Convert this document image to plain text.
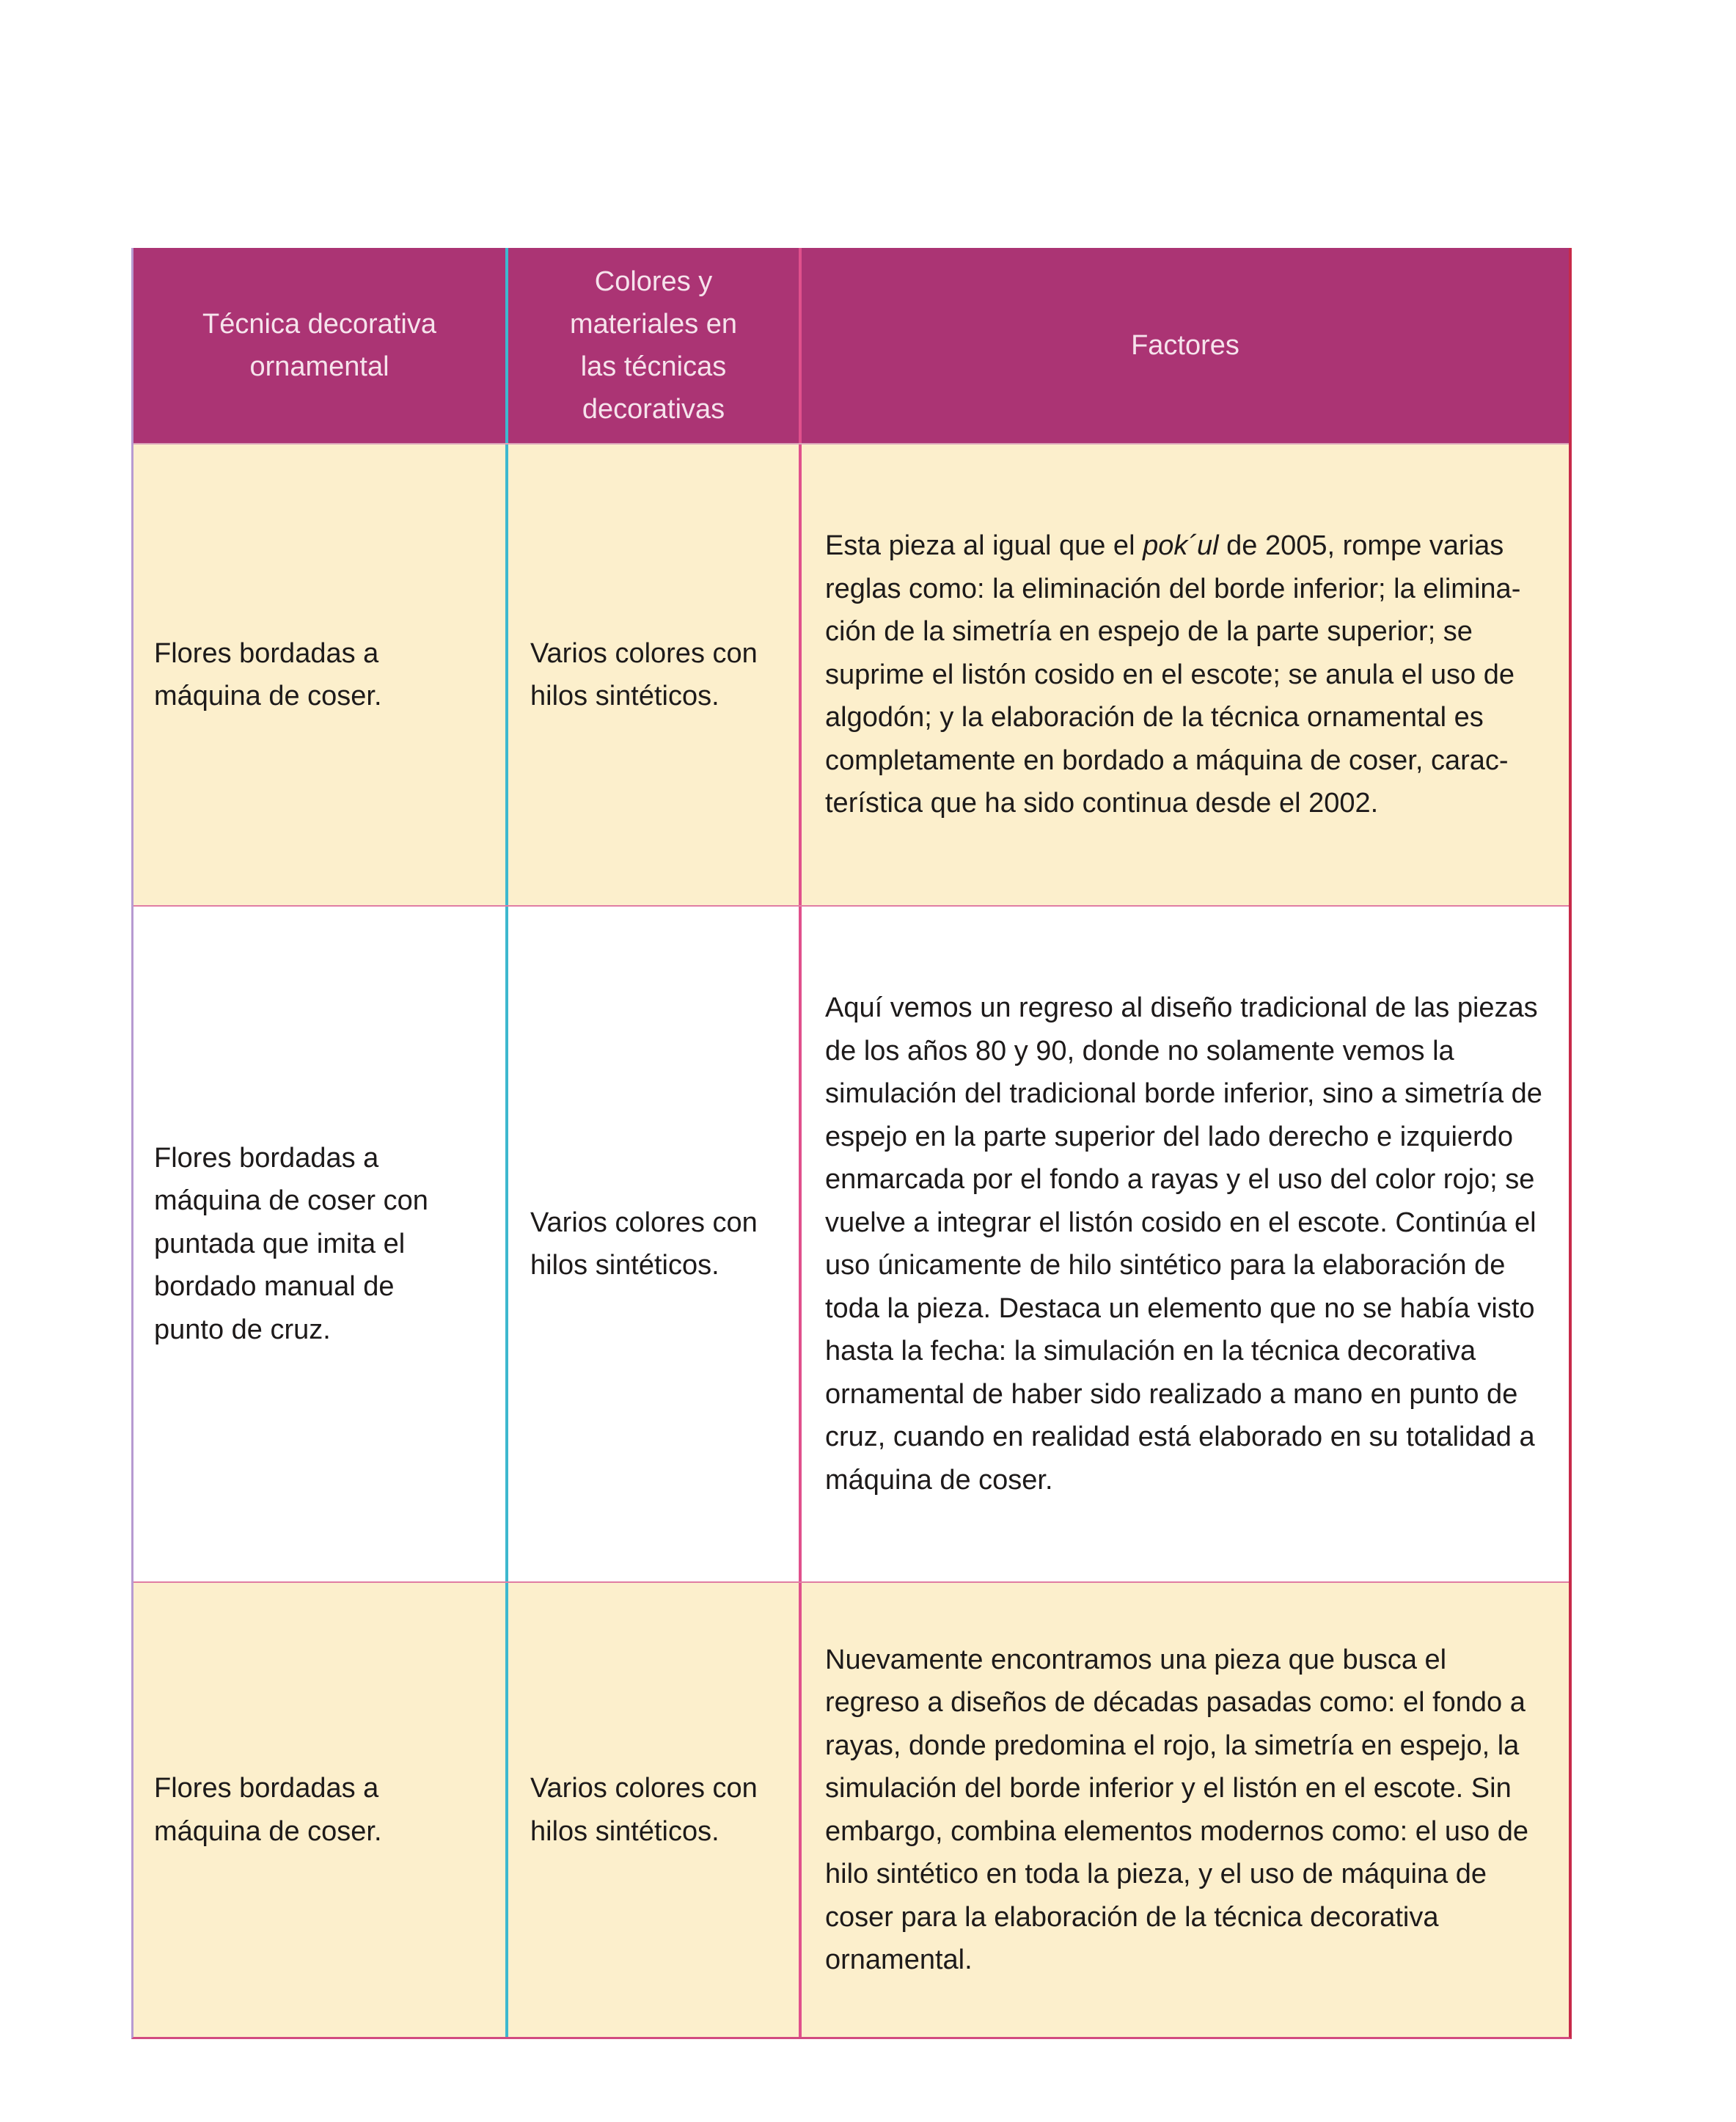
Técnica decorativa ornamental
Colores y materiales en las técnicas decorativas
Factores
Flores bordadas a máquina de coser.
Varios colores con hilos sintéticos.
Esta pieza al igual que el pok´ul de 2005, rompe varias reglas como: la eliminación del borde inferior; la eliminación de la simetría en espejo de la parte superior; se suprime el listón cosido en el escote; se anula el uso de algodón; y la elaboración de la técnica ornamental es completamente en bordado a máquina de coser, característica que ha sido continua desde el 2002.
Flores bordadas a máquina de coser con puntada que imita el bordado manual de punto de cruz.
Varios colores con hilos sintéticos.
Aquí vemos un regreso al diseño tradicional de las piezas de los años 80 y 90, donde no solamente vemos la simulación del tradicional borde inferior, sino a simetría de espejo en la parte superior del lado derecho e izquierdo enmarcada por el fondo a rayas y el uso del color rojo; se vuelve a integrar el listón cosido en el escote. Continúa el uso únicamente de hilo sintético para la elaboración de toda la pieza. Destaca un elemento que no se había visto hasta la fecha: la simulación en la técnica decorativa ornamental de haber sido realizado a mano en punto de cruz, cuando en realidad está elaborado en su totalidad a máquina de coser.
Flores bordadas a máquina de coser.
Varios colores con hilos sintéticos.
Nuevamente encontramos una pieza que busca el regreso a diseños de décadas pasadas como: el fondo a rayas, donde predomina el rojo, la simetría en espejo, la simulación del borde inferior y el listón en el escote. Sin embargo, combina elementos modernos como: el uso de hilo sintético en toda la pieza, y el uso de máquina de coser para la elaboración de la técnica decorativa ornamental.
